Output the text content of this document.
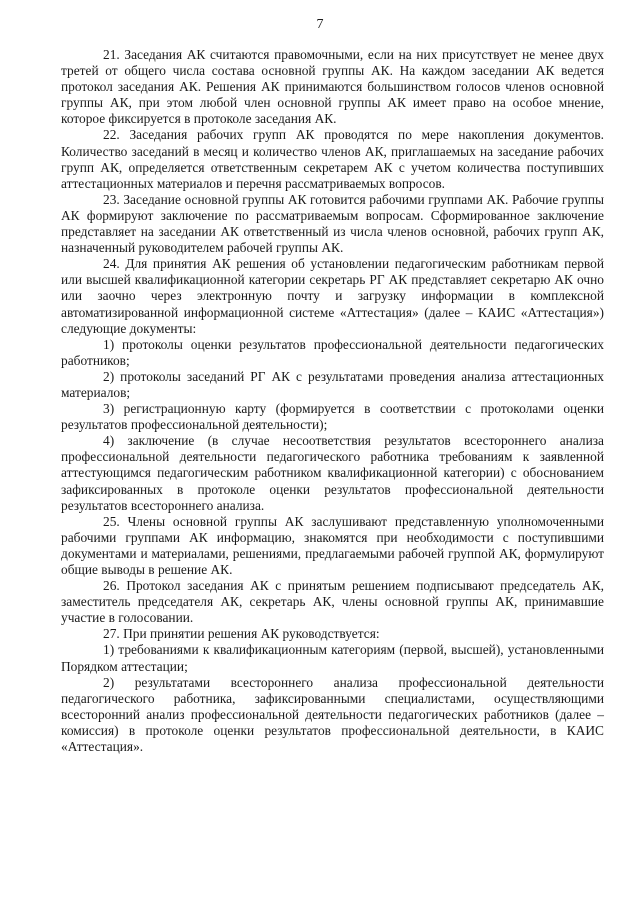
7

21. Заседания АК считаются правомочными, если на них присутствует не менее двух третей от общего числа состава основной группы АК. На каждом заседании АК ведется протокол заседания АК. Решения АК принимаются большинством голосов членов основной группы АК, при этом любой член основной группы АК имеет право на особое мнение, которое фиксируется в протоколе заседания АК.

22. Заседания рабочих групп АК проводятся по мере накопления документов. Количество заседаний в месяц и количество членов АК, приглашаемых на заседание рабочих групп АК, определяется ответственным секретарем АК с учетом количества поступивших аттестационных материалов и перечня рассматриваемых вопросов.

23. Заседание основной группы АК готовится рабочими группами АК. Рабочие группы АК формируют заключение по рассматриваемым вопросам. Сформированное заключение представляет на заседании АК ответственный из числа членов основной, рабочих групп АК, назначенный руководителем рабочей группы АК.

24. Для принятия АК решения об установлении педагогическим работникам первой или высшей квалификационной категории секретарь РГ АК представляет секретарю АК очно или заочно через электронную почту и загрузку информации в комплексной автоматизированной информационной системе «Аттестация» (далее – КАИС «Аттестация») следующие документы:

1) протоколы оценки результатов профессиональной деятельности педагогических работников;

2) протоколы заседаний РГ АК с результатами проведения анализа аттестационных материалов;

3) регистрационную карту (формируется в соответствии с протоколами оценки результатов профессиональной деятельности);

4) заключение (в случае несоответствия результатов всестороннего анализа профессиональной деятельности педагогического работника требованиям к заявленной аттестующимся педагогическим работником квалификационной категории) с обоснованием зафиксированных в протоколе оценки результатов профессиональной деятельности результатов всестороннего анализа.

25. Члены основной группы АК заслушивают представленную уполномоченными рабочими группами АК информацию, знакомятся при необходимости с поступившими документами и материалами, решениями, предлагаемыми рабочей группой АК, формулируют общие выводы в решение АК.

26. Протокол заседания АК с принятым решением подписывают председатель АК, заместитель председателя АК, секретарь АК, члены основной группы АК, принимавшие участие в голосовании.

27. При принятии решения АК руководствуется:

1) требованиями к квалификационным категориям (первой, высшей), установленными Порядком аттестации;

2) результатами всестороннего анализа профессиональной деятельности педагогического работника, зафиксированными специалистами, осуществляющими всесторонний анализ профессиональной деятельности педагогических работников (далее – комиссия) в протоколе оценки результатов профессиональной деятельности, в КАИС «Аттестация».
